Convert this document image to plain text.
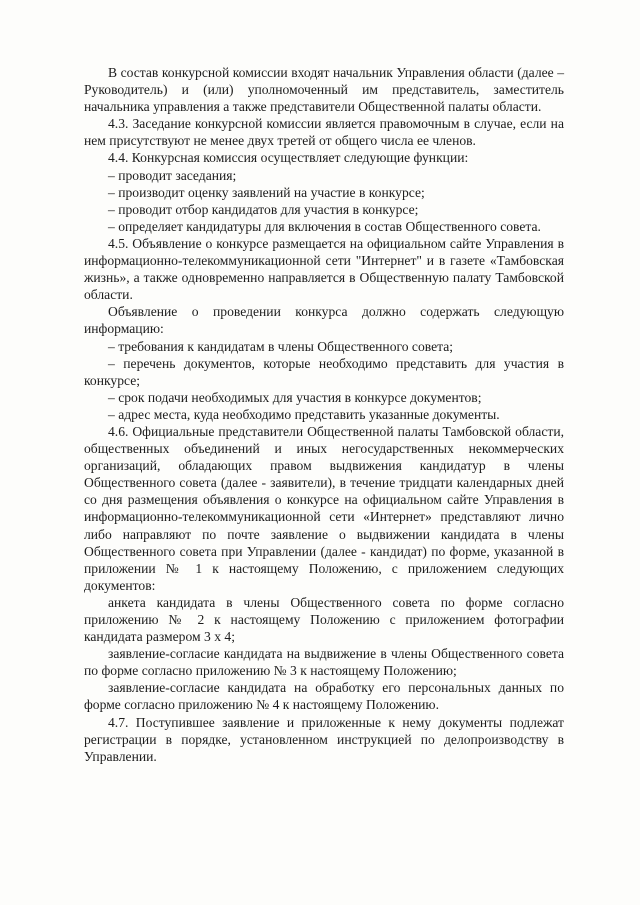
В состав конкурсной комиссии входят начальник Управления области (далее – Руководитель) и (или) уполномоченный им представитель, заместитель начальника управления а также представители Общественной палаты области.

4.3. Заседание конкурсной комиссии является правомочным в случае, если на нем присутствуют не менее двух третей от общего числа ее членов.

4.4. Конкурсная комиссия осуществляет следующие функции:

– проводит заседания;

– производит оценку заявлений на участие в конкурсе;

– проводит отбор кандидатов для участия в конкурсе;

– определяет кандидатуры для включения в состав Общественного совета.

4.5. Объявление о конкурсе размещается на официальном сайте Управления в информационно-телекоммуникационной сети "Интернет" и в газете «Тамбовская жизнь», а также одновременно направляется в Общественную палату Тамбовской области.

Объявление о проведении конкурса должно содержать следующую информацию:

– требования к кандидатам в члены Общественного совета;

– перечень документов, которые необходимо представить для участия в конкурсе;

– срок подачи необходимых для участия в конкурсе документов;

– адрес места, куда необходимо представить указанные документы.

4.6. Официальные представители Общественной палаты Тамбовской области, общественных объединений и иных негосударственных некоммерческих организаций, обладающих правом выдвижения кандидатур в члены Общественного совета (далее - заявители), в течение тридцати календарных дней со дня размещения объявления о конкурсе на официальном сайте Управления в информационно-телекоммуникационной сети «Интернет» представляют лично либо направляют по почте заявление о выдвижении кандидата в члены Общественного совета при Управлении (далее - кандидат) по форме, указанной в приложении № 1 к настоящему Положению, с приложением следующих документов:

анкета кандидата в члены Общественного совета по форме согласно приложению № 2 к настоящему Положению с приложением фотографии кандидата размером 3 х 4;

заявление-согласие кандидата на выдвижение в члены Общественного совета по форме согласно приложению № 3 к настоящему Положению;

заявление-согласие кандидата на обработку его персональных данных по форме согласно приложению № 4 к настоящему Положению.

4.7. Поступившее заявление и приложенные к нему документы подлежат регистрации в порядке, установленном инструкцией по делопроизводству в Управлении.
